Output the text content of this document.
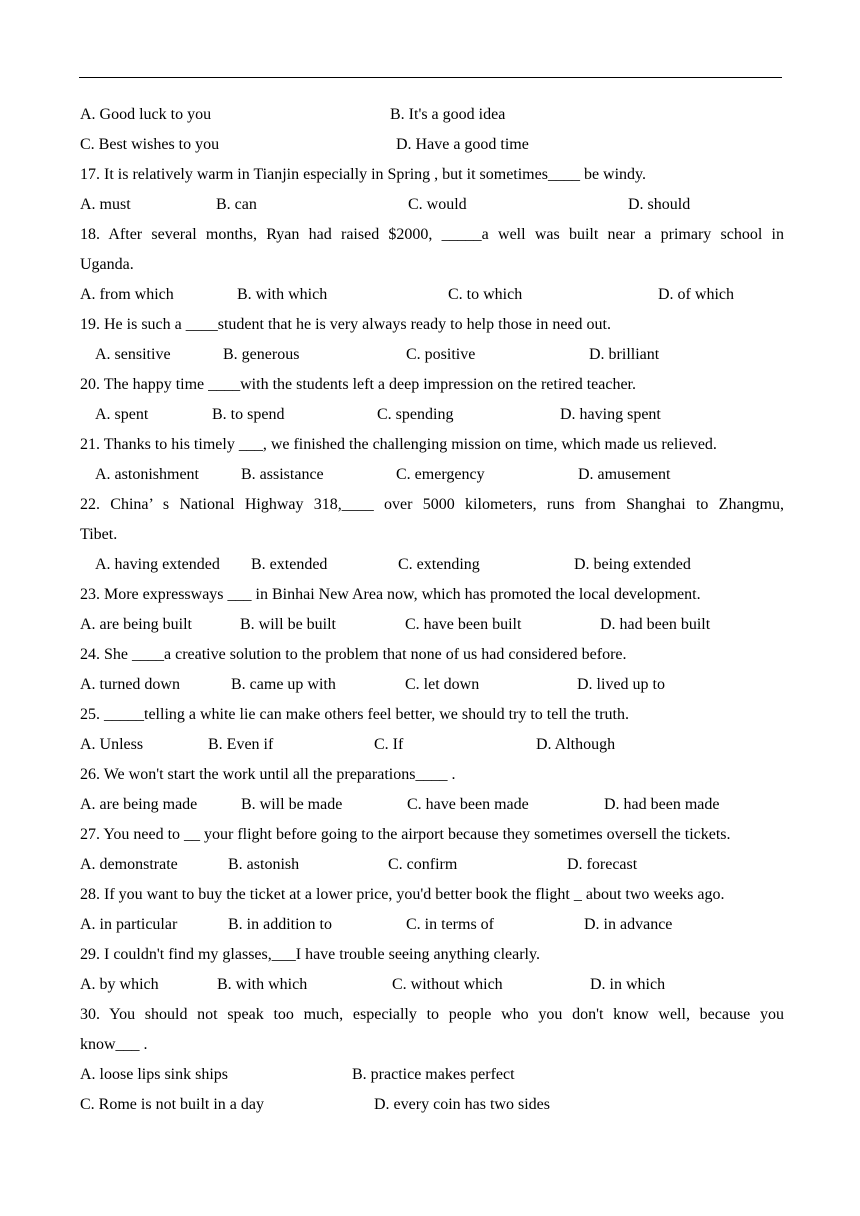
A. Good luck to you	B. It's a good idea
C. Best wishes to you	D. Have a good time
17. It is relatively warm in Tianjin especially in Spring , but it sometimes____ be windy.
A. must	B. can	C. would	D. should
18. After several months, Ryan had raised $2000, _____a well was built near a primary school in
Uganda.
A. from which	B. with which	C. to which	D. of which
19. He is such a ____student that he is very always ready to help those in need out.
A. sensitive	B. generous	C. positive	D. brilliant
20. The happy time ____with the students left a deep impression on the retired teacher.
A. spent	B. to spend	C. spending	D. having spent
21. Thanks to his timely ___, we finished the challenging mission on time, which made us relieved.
A. astonishment	B. assistance	C. emergency	D. amusement
22. China’ s National Highway 318,____ over 5000 kilometers, runs from Shanghai to Zhangmu,
Tibet.
A. having extended B. extended	C. extending	D. being extended
23. More expressways ___ in Binhai New Area now, which has promoted the local development.
A. are being built	B. will be built	C. have been built	D. had been built
24. She ____a creative solution to the problem that none of us had considered before.
A. turned down	B. came up with	C. let down	D. lived up to
25. _____telling a white lie can make others feel better, we should try to tell the truth.
A. Unless	B. Even if	C. If	D. Although
26. We won't start the work until all the preparations____ .
A. are being made	B. will be made	C. have been made	D. had been made
27. You need to __ your flight before going to the airport because they sometimes oversell the tickets.
A. demonstrate	B. astonish	C. confirm	D. forecast
28. If you want to buy the ticket at a lower price, you'd better book the flight _ about two weeks ago.
A. in particular	B. in addition to	C. in terms of	D. in advance
29. I couldn't find my glasses,___I have trouble seeing anything clearly.
A. by which	B. with which	C. without which	D. in which
30. You should not speak too much, especially to people who you don't know well, because you
know___ .
A. loose lips sink ships	B. practice makes perfect
C. Rome is not built in a day	D. every coin has two sides
